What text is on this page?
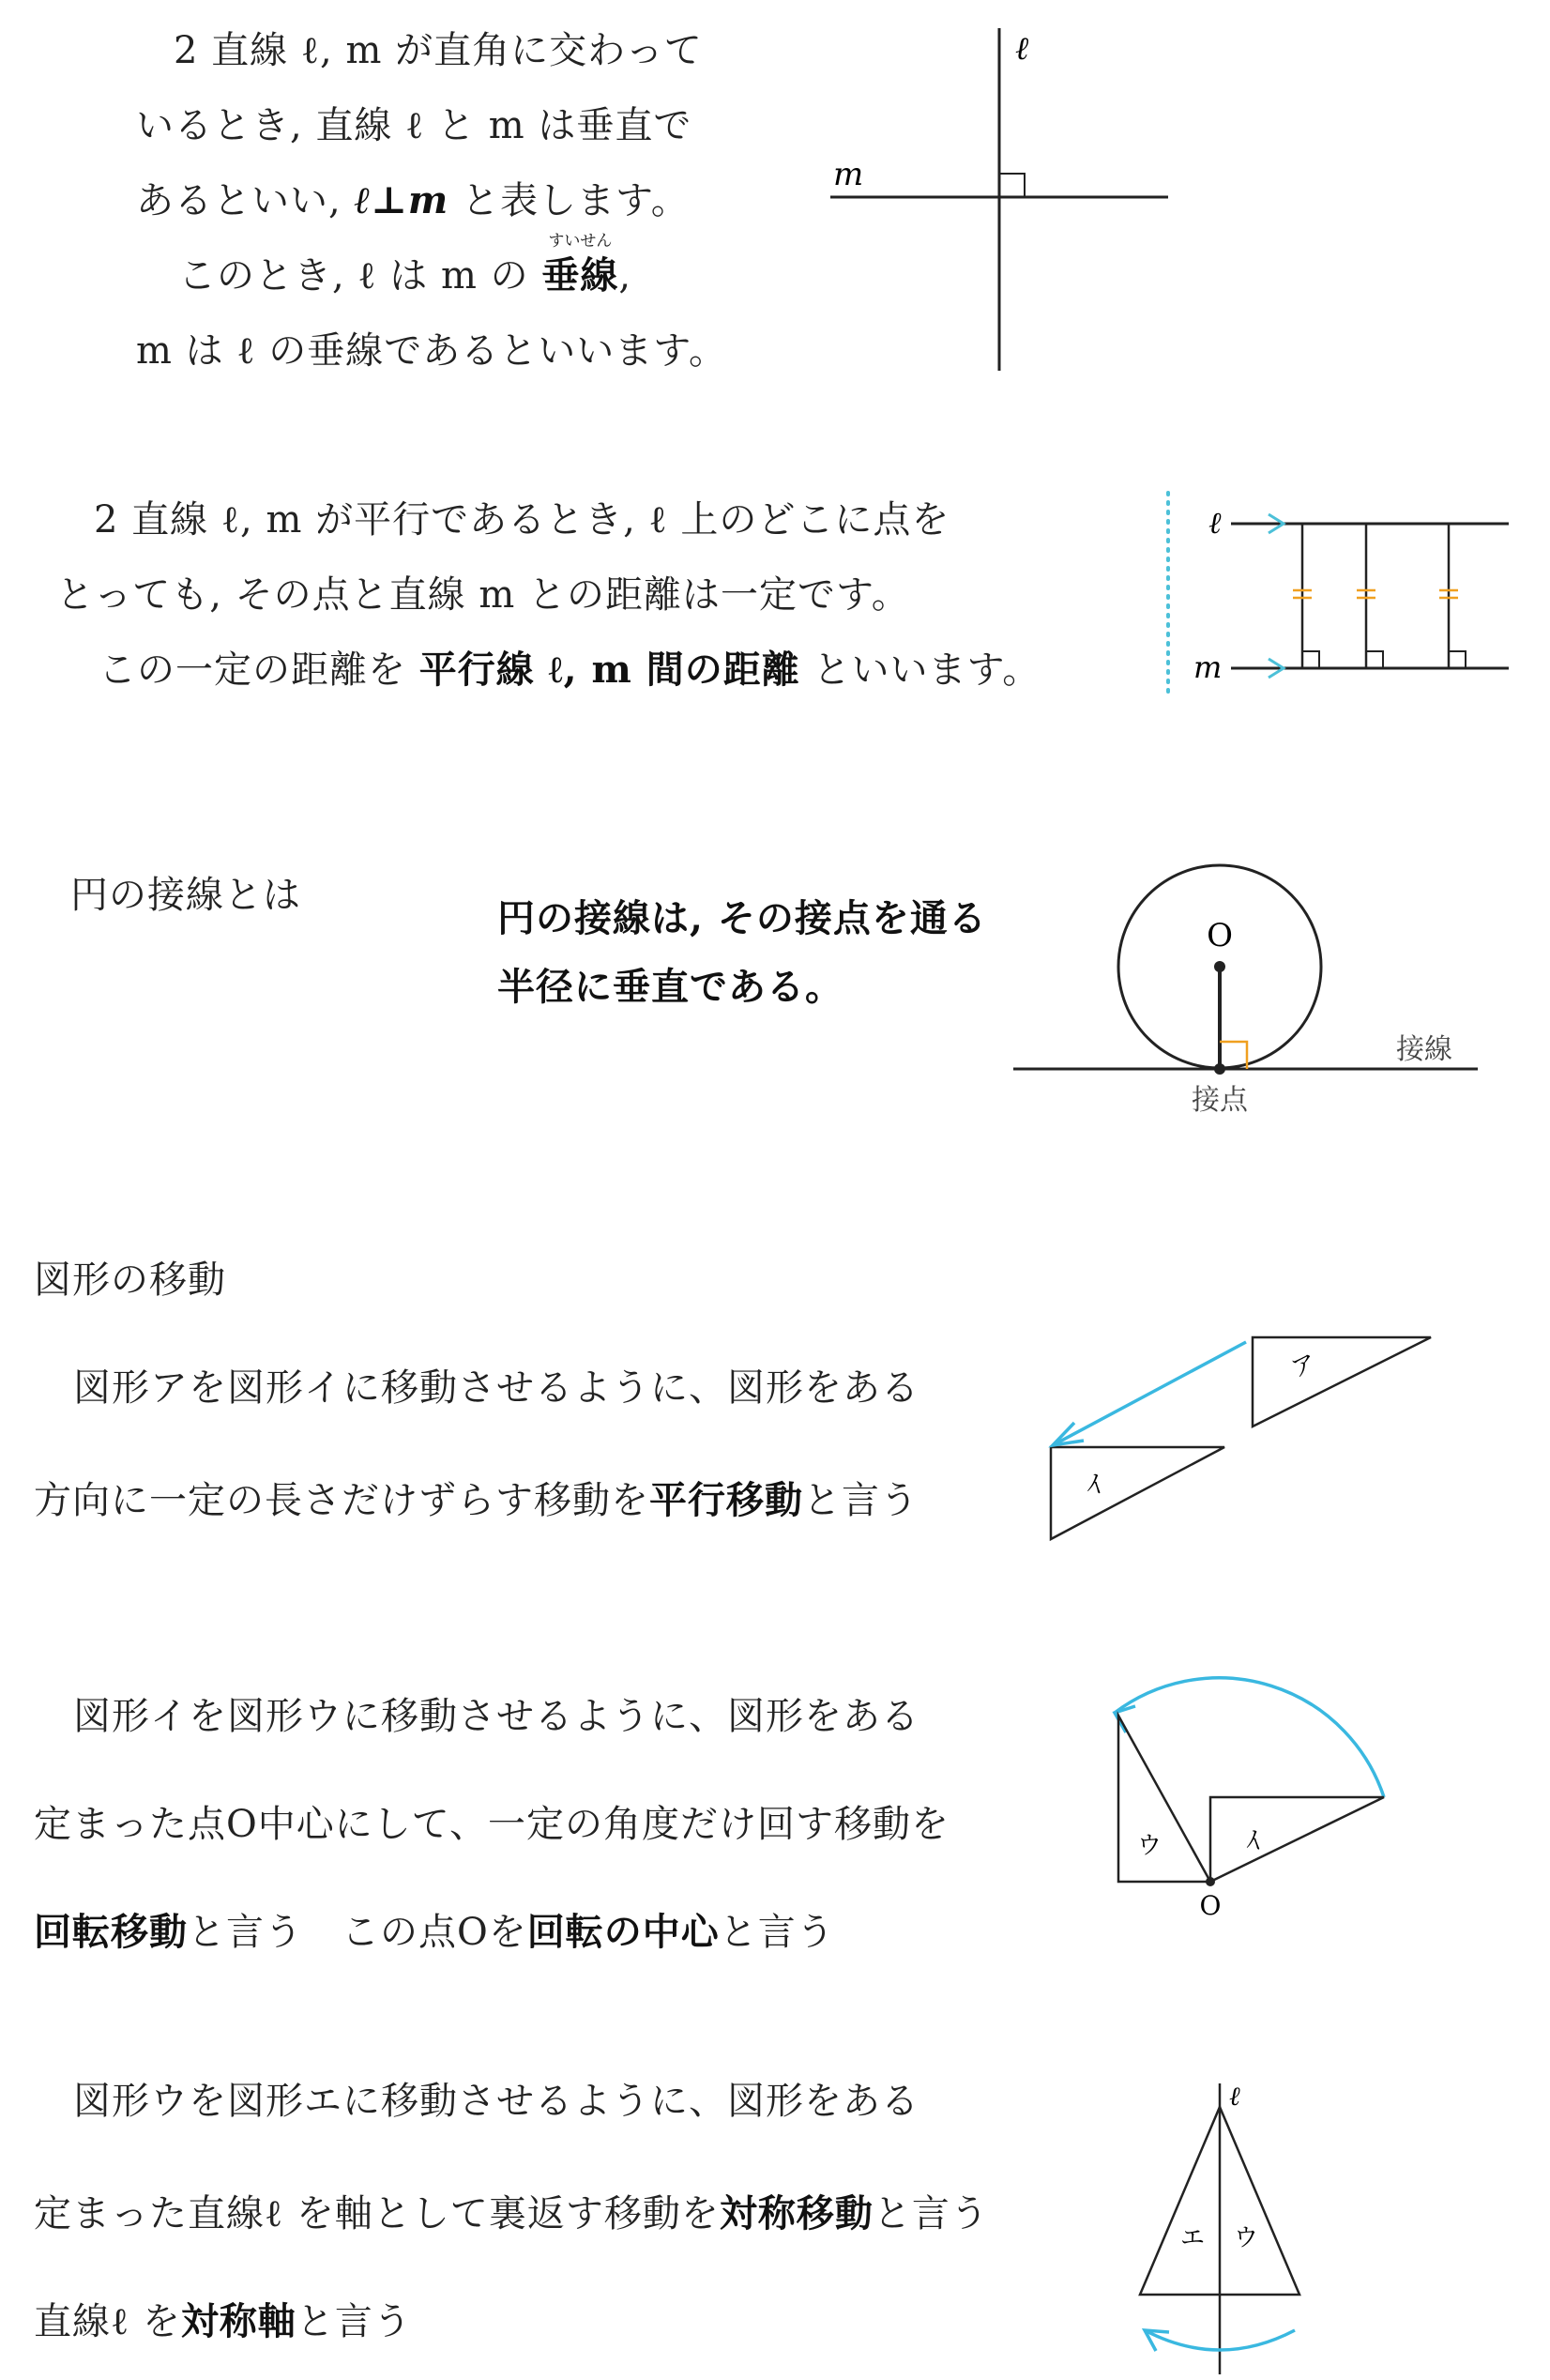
2 直線 ℓ, m が直角に交わって
いるとき, 直線 ℓ と m は垂直で
あるといい, ℓ⊥m と表します。
このとき, ℓ は m の
すいせん
垂線,
m は ℓ の垂線であるといいます。
ℓ
m
2 直線 ℓ, m が平行であるとき, ℓ 上のどこに点を
とっても, その点と直線 m との距離は一定です。
この一定の距離を 平行線 ℓ, m 間の距離 といいます。
ℓ
m
円の接線とは
円の接線は, その接点を通る
半径に垂直である。
O
接点
接線
図形の移動
図形アを図形イに移動させるように、図形をある
方向に一定の長さだけずらす移動を平行移動と言う
ア
イ
図形イを図形ウに移動させるように、図形をある
定まった点O中心にして、一定の角度だけ回す移動を
回転移動と言う　この点Oを回転の中心と言う
ウ	イ
O
図形ウを図形エに移動させるように、図形をある
定まった直線ℓ を軸として裏返す移動を対称移動と言う
直線ℓ を対称軸と言う
ℓ
エ ウ
